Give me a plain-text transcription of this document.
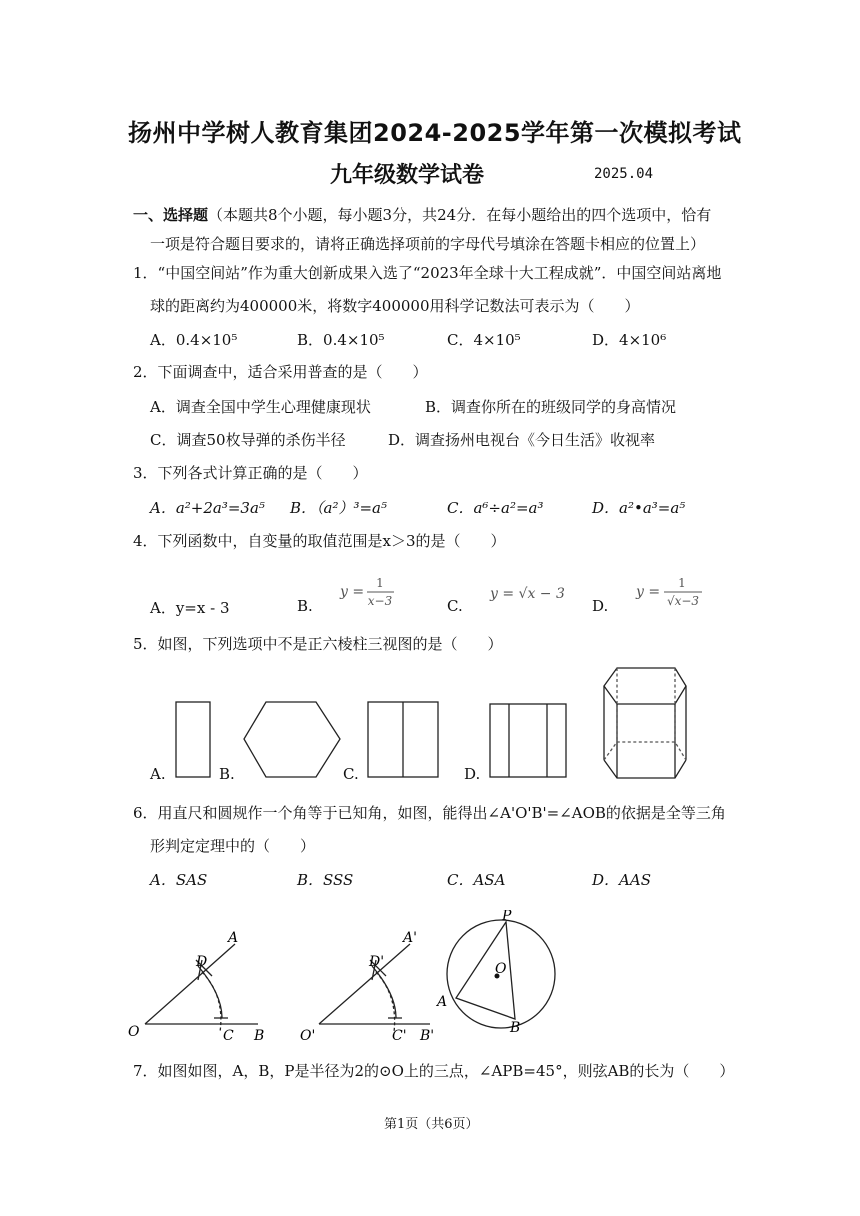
扬州中学树人教育集团2024-2025学年第一次模拟考试
九年级数学试卷	2025.04
一、选择题（本题共8个小题，每小题3分，共24分．在每小题给出的四个选项中，恰有
一项是符合题目要求的，请将正确选择项前的字母代号填涂在答题卡相应的位置上）
1．“中国空间站”作为重大创新成果入选了“2023年全球十大工程成就”．中国空间站离地
球的距离约为400000米，将数字400000用科学记数法可表示为（　　）
A．0.4×10⁵	B．0.4×10⁵	C．4×10⁵	D．4×10⁶
2．下面调查中，适合采用普查的是（　　）
A．调查全国中学生心理健康现状	B．调查你所在的班级同学的身高情况
C．调查50枚导弹的杀伤半径	D．调查扬州电视台《今日生活》收视率
3．下列各式计算正确的是（　　）
A．a²+2a³=3a⁵ B．（a²）³=a⁵	C．a⁶÷a²=a³	D．a²•a³=a⁵
4．下列函数中，自变量的取值范围是x＞3的是（　　）
A．y=x - 3	B.	C.	D.
y =
1
x−3	y = √x − 3	y =
1
√x−3
5．如图，下列选项中不是正六棱柱三视图的是（　　）
A.	B.	C.	D.
6．用直尺和圆规作一个角等于已知角，如图，能得出∠A'O'B'=∠AOB的依据是全等三角
形判定定理中的（　　）
A．SAS	B．SSS	C．ASA	D．AAS
A
D
O	C B
A'
D'
O'	C' B'
P
O
A
B
7．如图如图，A，B，P是半径为2的⊙O上的三点，∠APB=45°，则弦AB的长为（　　）
第1页（共6页）
